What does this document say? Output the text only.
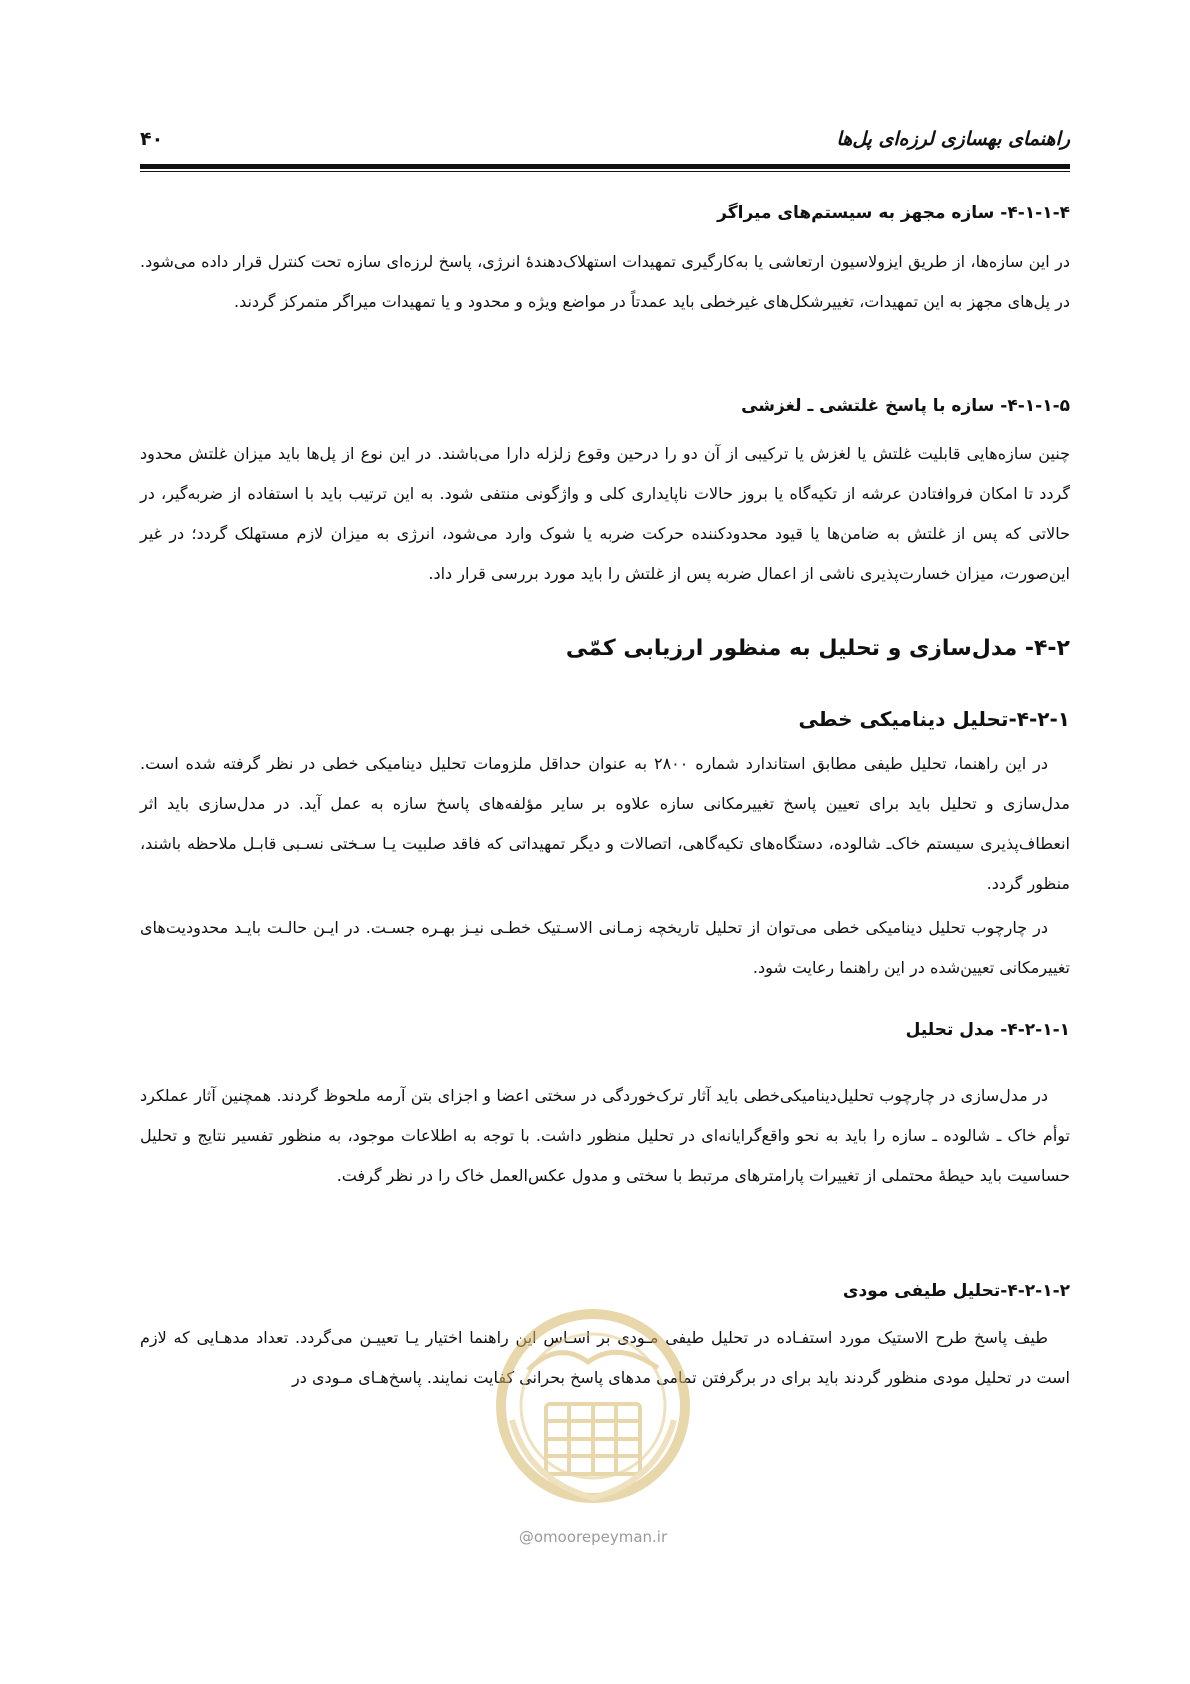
راهنمای بهسازی لرزه‌ای پل‌ها
۴۰
۴-۱-۱-۴- سازه مجهز به سیستم‌های میراگر
در این سازه‌ها، از طریق ایزولاسیون ارتعاشی یا به‌کارگیری تمهیدات استهلاک‌دهندهٔ انرژی، پاسخ لرزه‌ای سازه تحت کنترل قرار داده می‌شود. در پل‌های مجهز به این تمهیدات، تغییرشکل‌های غیرخطی باید عمدتاً در مواضع ویژه و محدود و یا تمهیدات میراگر متمرکز گردند.
۴-۱-۱-۵- سازه با پاسخ غلتشی ـ لغزشی
چنین سازه‌هایی قابلیت غلتش یا لغزش یا ترکیبی از آن دو را درحین وقوع زلزله دارا می‌باشند. در این نوع از پل‌ها باید میزان غلتش محدود گردد تا امکان فروافتادن عرشه از تکیه‌گاه یا بروز حالات ناپایداری کلی و واژگونی منتفی شود. به این ترتیب باید با استفاده از ضربه‌گیر، در حالاتی که پس از غلتش به ضامن‌ها یا قیود محدودکننده حرکت ضربه یا شوک وارد می‌شود، انرژی به میزان لازم مستهلک گردد؛ در غیر این‌صورت، میزان خسارت‌پذیری ناشی از اعمال ضربه پس از غلتش را باید مورد بررسی قرار داد.
۴-۲- مدل‌سازی و تحلیل به منظور ارزیابی کمّی
۴-۲-۱-تحلیل دینامیکی خطی
در این راهنما، تحلیل طیفی مطابق استاندارد شماره ۲۸۰۰ به عنوان حداقل ملزومات تحلیل دینامیکی خطی در نظر گرفته شده است. مدل‌سازی و تحلیل باید برای تعیین پاسخ تغییرمکانی سازه علاوه بر سایر مؤلفه‌های پاسخ سازه به عمل آید. در مدل‌سازی باید اثر انعطاف‌پذیری سیستم خاک‌ـ شالوده، دستگاه‌های تکیه‌گاهی، اتصالات و دیگر تمهیداتی که فاقد صلبیت یـا سـختی نسـبی قابـل ملاحظه باشند، منظور گردد.
در چارچوب تحلیل دینامیکی خطی می‌توان از تحلیل تاریخچه زمـانی الاسـتیک خطـی نیـز بهـره جسـت. در ایـن حالـت بایـد محدودیت‌های تغییرمکانی تعیین‌شده در این راهنما رعایت شود.
۴-۲-۱-۱- مدل تحلیل
در مدل‌سازی در چارچوب تحلیل‌دینامیکی‌خطی باید آثار ترک‌خوردگی در سختی اعضا و اجزای بتن آرمه ملحوظ گردند. همچنین آثار عملکرد توأم خاک ـ شالوده ـ سازه را باید به نحو واقع‌گرایانه‌ای در تحلیل منظور داشت. با توجه به اطلاعات موجود، به منظور تفسیر نتایج و تحلیل حساسیت باید حیطهٔ محتملی از تغییرات پارامترهای مرتبط با سختی و مدول عکس‌العمل خاک را در نظر گرفت.
۴-۲-۱-۲-تحلیل طیفی مودی
طیف پاسخ طرح الاستیک مورد استفـاده در تحلیل طیفی مـودی بر اسـاس این راهنما اختیار یـا تعییـن می‌گردد. تعداد مدهـایی که لازم است در تحلیل مودی منظور گردند باید برای در برگرفتن تمامی مدهای پاسخ بحرانی کفایت نمایند. پاسخ‌هـای مـودی در
@omoorepeyman.ir
